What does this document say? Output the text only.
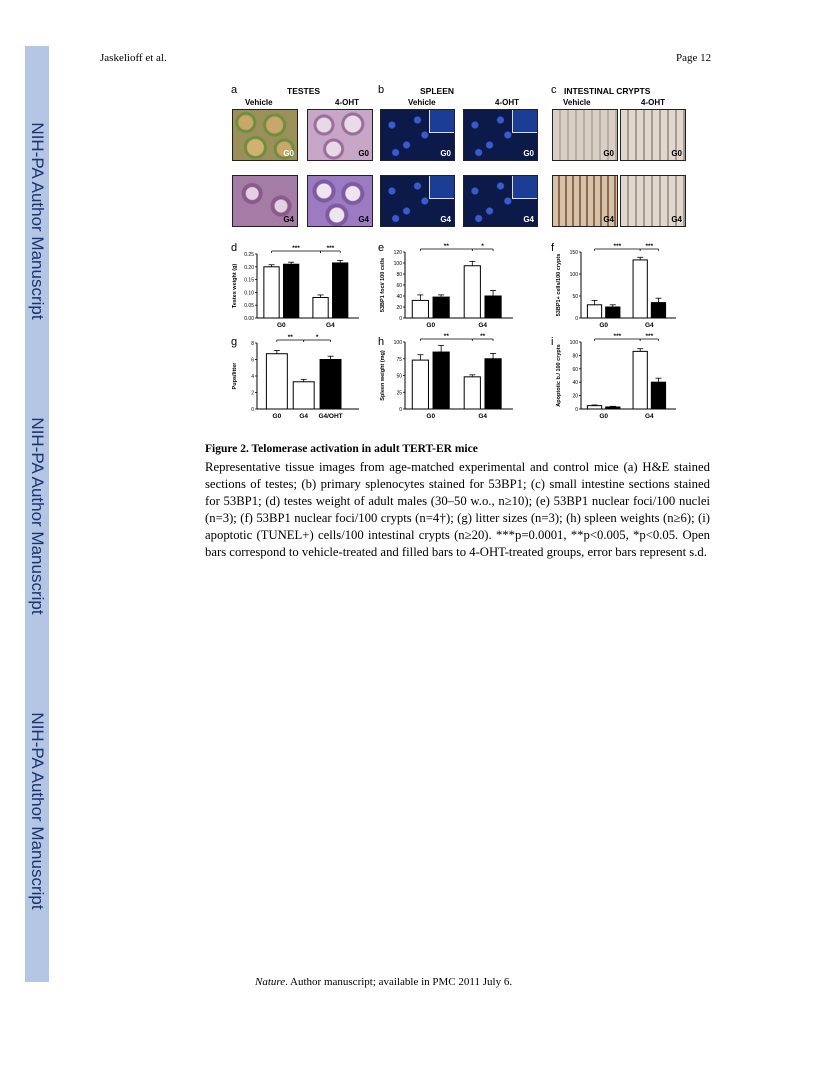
NIH-PA Author Manuscript
NIH-PA Author Manuscript
NIH-PA Author Manuscript
Jaskelioff et al.	Page 12
a	TESTES	b	SPLEEN	c INTESTINAL CRYPTS
Vehicle	4-OHT	Vehicle	4-OHT	Vehicle	4-OHT
G0	G0	G0	G0	G0	G0
G4	G4	G4	G4	G4	G4
d	e	f
g	h	i
0.00
0.05
0.10
0.15
0.20
0.25
Testes weight (g)
G0	G4
***	***
0
20
40
60
80
100
120
53BP1 foci/ 100 cells
G0	G4
**	*
0
50
100
150
53BP1+ cells/100 crypts
G0	G4
***	***
0
2
4
6
8
Pups/litter
G0	G4 G4/OHT
**	*
0
25
50
75
100
Spleen weight (mg)
G0	G4
**	**
0
20
40
60
80
100
Apoptotic b./ 100 crypts
G0	G4
***	***
Figure 2. Telomerase activation in adult TERT-ER mice
Representative tissue images from age-matched experimental and control mice (a) H&E stained sections of testes; (b) primary splenocytes stained for 53BP1; (c) small intestine sections stained for 53BP1; (d) testes weight of adult males (30–50 w.o., n≥10); (e) 53BP1 nuclear foci/100 nuclei (n=3); (f) 53BP1 nuclear foci/100 crypts (n=4†); (g) litter sizes (n=3); (h) spleen weights (n≥6); (i) apoptotic (TUNEL+) cells/100 intestinal crypts (n≥20). ***p=0.0001, **p<0.005, *p<0.05. Open bars correspond to vehicle-treated and filled bars to 4-OHT-treated groups, error bars represent s.d.
Nature. Author manuscript; available in PMC 2011 July 6.
